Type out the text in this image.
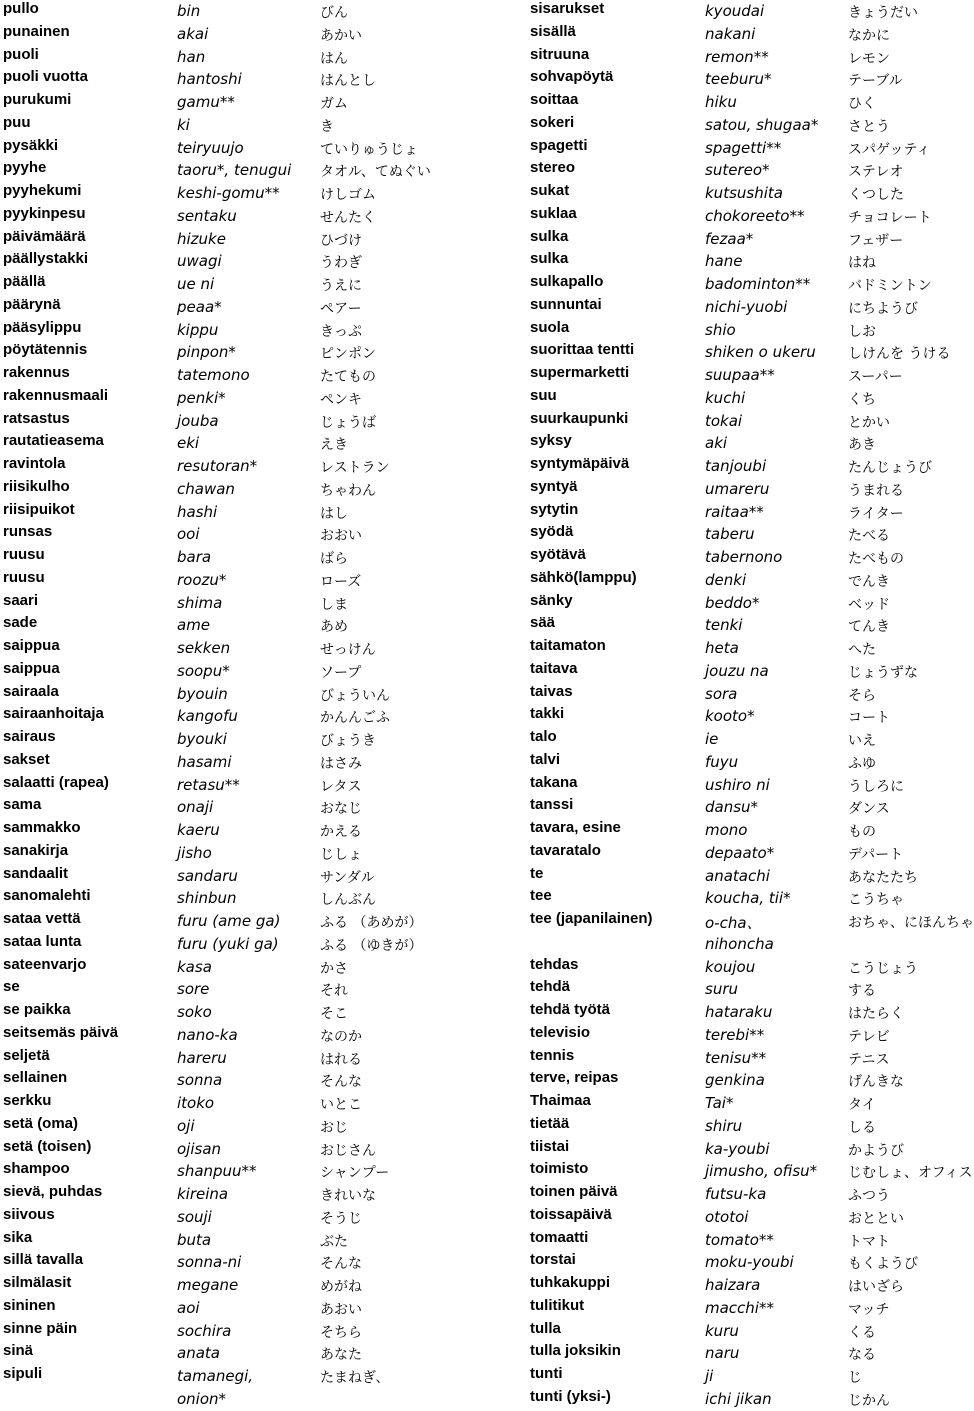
pullo
punainen
puoli
puoli vuotta
purukumi
puu
pysäkki
pyyhe
pyyhekumi
pyykinpesu
päivämäärä
päällystakki
päällä
päärynä
pääsylippu
pöytätennis
rakennus
rakennusmaali
ratsastus
rautatieasema
ravintola
riisikulho
riisipuikot
runsas
ruusu
ruusu
saari
sade
saippua
saippua
sairaala
sairaanhoitaja
sairaus
sakset
salaatti (rapea)
sama
sammakko
sanakirja
sandaalit
sanomalehti
sataa vettä
sataa lunta
sateenvarjo
se
se paikka
seitsemäs päivä
seljetä
sellainen
serkku
setä (oma)
setä (toisen)
shampoo
sievä, puhdas
siivous
sika
sillä tavalla
silmälasit
sininen
sinne päin
sinä
sipuli
bin
akai
han
hantoshi
gamu**
ki
teiryuujo
taoru*, tenugui
keshi-gomu**
sentaku
hizuke
uwagi
ue ni
peaa*
kippu
pinpon*
tatemono
penki*
jouba
eki
resutoran*
chawan
hashi
ooi
bara
roozu*
shima
ame
sekken
soopu*
byouin
kangofu
byouki
hasami
retasu**
onaji
kaeru
jisho
sandaru
shinbun
furu (ame ga)
furu (yuki ga)
kasa
sore
soko
nano-ka
hareru
sonna
itoko
oji
ojisan
shanpuu**
kireina
souji
buta
sonna-ni
megane
aoi
sochira
anata
tamanegi,
onion*
びん
あかい
はん
はんとし
ガム
き
ていりゅうじょ
タオル、てぬぐい
けしゴム
せんたく
ひづけ
うわぎ
うえに
ペアー
きっぷ
ピンポン
たてもの
ペンキ
じょうば
えき
レストラン
ちゃわん
はし
おおい
ばら
ローズ
しま
あめ
せっけん
ソープ
びょういん
かんんごふ
びょうき
はさみ
レタス
おなじ
かえる
じしょ
サンダル
しんぶん
ふる （あめが）
ふる （ゆきが）
かさ
それ
そこ
なのか
はれる
そんな
いとこ
おじ
おじさん
シャンプー
きれいな
そうじ
ぶた
そんな
めがね
あおい
そちら
あなた
たまねぎ、
sisarukset
sisällä
sitruuna
sohvapöytä
soittaa
sokeri
spagetti
stereo
sukat
suklaa
sulka
sulka
sulkapallo
sunnuntai
suola
suorittaa tentti
supermarketti
suu
suurkaupunki
syksy
syntymäpäivä
syntyä
sytytin
syödä
syötävä
sähkö(lamppu)
sänky
sää
taitamaton
taitava
taivas
takki
talo
talvi
takana
tanssi
tavara, esine
tavaratalo
te
tee
tee (japanilainen)
tehdas
tehdä
tehdä työtä
televisio
tennis
terve, reipas
Thaimaa
tietää
tiistai
toimisto
toinen päivä
toissapäivä
tomaatti
torstai
tuhkakuppi
tulitikut
tulla
tulla joksikin
tunti
tunti (yksi-)
kyoudai
nakani
remon**
teeburu*
hiku
satou, shugaa*
spagetti**
sutereo*
kutsushita
chokoreeto**
fezaa*
hane
badominton**
nichi-yuobi
shio
shiken o ukeru
suupaa**
kuchi
tokai
aki
tanjoubi
umareru
raitaa**
taberu
tabernono
denki
beddo*
tenki
heta
jouzu na
sora
kooto*
ie
fuyu
ushiro ni
dansu*
mono
depaato*
anatachi
koucha, tii*
o-cha、
nihoncha
koujou
suru
hataraku
terebi**
tenisu**
genkina
Tai*
shiru
ka-youbi
jimusho, ofisu*
futsu-ka
ototoi
tomato**
moku-youbi
haizara
macchi**
kuru
naru
ji
ichi jikan
きょうだい
なかに
レモン
テーブル
ひく
さとう
スパゲッティ
ステレオ
くつした
チョコレート
フェザー
はね
バドミントン
にちようび
しお
しけんを うける
スーパー
くち
とかい
あき
たんじょうび
うまれる
ライター
たべる
たべもの
でんき
ベッド
てんき
へた
じょうずな
そら
コート
いえ
ふゆ
うしろに
ダンス
もの
デパート
あなたたち
こうちゃ
おちゃ、にほんちゃ
こうじょう
する
はたらく
テレビ
テニス
げんきな
タイ
しる
かようび
じむしょ、オフィス
ふつう
おととい
トマト
もくようび
はいざら
マッチ
くる
なる
じ
じかん
